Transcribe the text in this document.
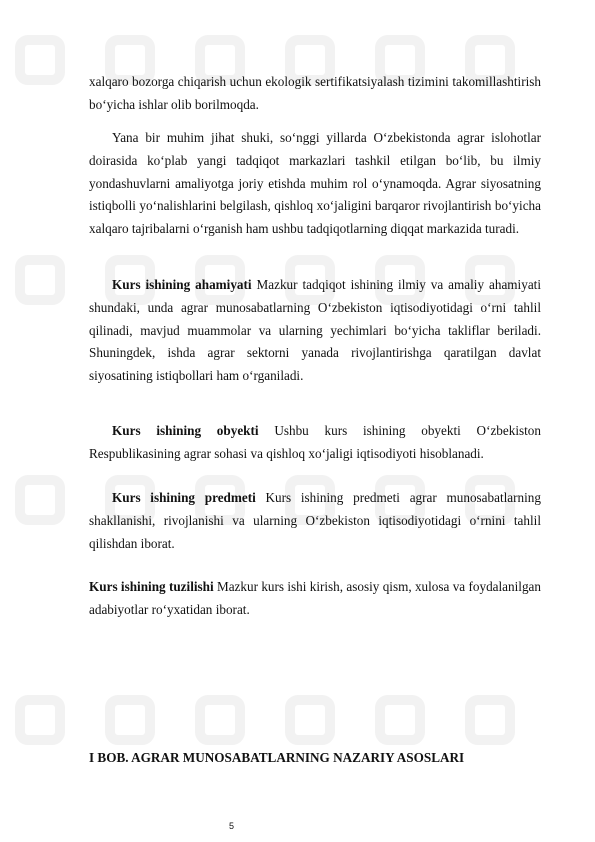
xalqaro bozorga chiqarish uchun ekologik sertifikatsiyalash tizimini takomillashtirish bo‘yicha ishlar olib borilmoqda.

Yana bir muhim jihat shuki, so‘nggi yillarda O‘zbekistonda agrar islohotlar doirasida ko‘plab yangi tadqiqot markazlari tashkil etilgan bo‘lib, bu ilmiy yondashuvlarni amaliyotga joriy etishda muhim rol o‘ynamoqda. Agrar siyosatning istiqbolli yo‘nalishlarini belgilash, qishloq xo‘jaligini barqaror rivojlantirish bo‘yicha xalqaro tajribalarni o‘rganish ham ushbu tadqiqotlarning diqqat markazida turadi.

Kurs ishining ahamiyati Mazkur tadqiqot ishining ilmiy va amaliy ahamiyati shundaki, unda agrar munosabatlarning O‘zbekiston iqtisodiyotidagi o‘rni tahlil qilinadi, mavjud muammolar va ularning yechimlari bo‘yicha takliflar beriladi. Shuningdek, ishda agrar sektorni yanada rivojlantirishga qaratilgan davlat siyosatining istiqbollari ham o‘rganiladi.

Kurs ishining obyekti Ushbu kurs ishining obyekti O‘zbekiston Respublikasining agrar sohasi va qishloq xo‘jaligi iqtisodiyoti hisoblanadi.

Kurs ishining predmeti Kurs ishining predmeti agrar munosabatlarning shakllanishi, rivojlanishi va ularning O‘zbekiston iqtisodiyotidagi o‘rnini tahlil qilishdan iborat.

Kurs ishining tuzilishi Mazkur kurs ishi kirish, asosiy qism, xulosa va foydalanilgan adabiyotlar ro‘yxatidan iborat.

I BOB. AGRAR MUNOSABATLARNING NAZARIY ASOSLARI

5
